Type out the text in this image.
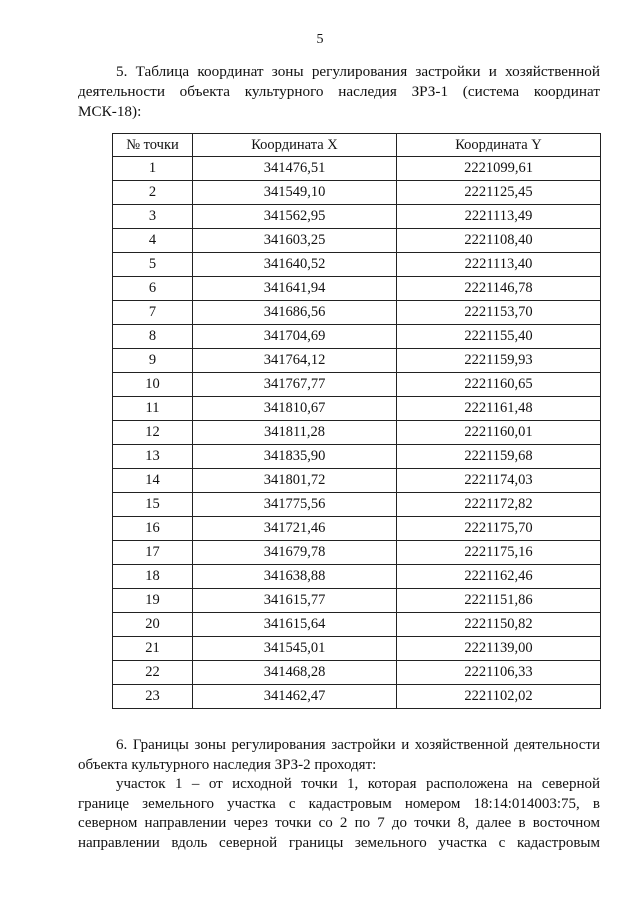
5
5. Таблица координат зоны регулирования застройки и хозяйственной
деятельности объекта культурного наследия ЗРЗ-1 (система координат
МСК-18):
№ точки	Координата X	Координата Y
1	341476,51	2221099,61
2	341549,10	2221125,45
3	341562,95	2221113,49
4	341603,25	2221108,40
5	341640,52	2221113,40
6	341641,94	2221146,78
7	341686,56	2221153,70
8	341704,69	2221155,40
9	341764,12	2221159,93
10	341767,77	2221160,65
11	341810,67	2221161,48
12	341811,28	2221160,01
13	341835,90	2221159,68
14	341801,72	2221174,03
15	341775,56	2221172,82
16	341721,46	2221175,70
17	341679,78	2221175,16
18	341638,88	2221162,46
19	341615,77	2221151,86
20	341615,64	2221150,82
21	341545,01	2221139,00
22	341468,28	2221106,33
23	341462,47	2221102,02
6. Границы зоны регулирования застройки и хозяйственной деятельности
объекта культурного наследия ЗРЗ-2 проходят:
участок 1 – от исходной точки 1, которая расположена на северной
границе земельного участка с кадастровым номером 18:14:014003:75, в
северном направлении через точки со 2 по 7 до точки 8, далее в восточном
направлении вдоль северной границы земельного участка с кадастровым
